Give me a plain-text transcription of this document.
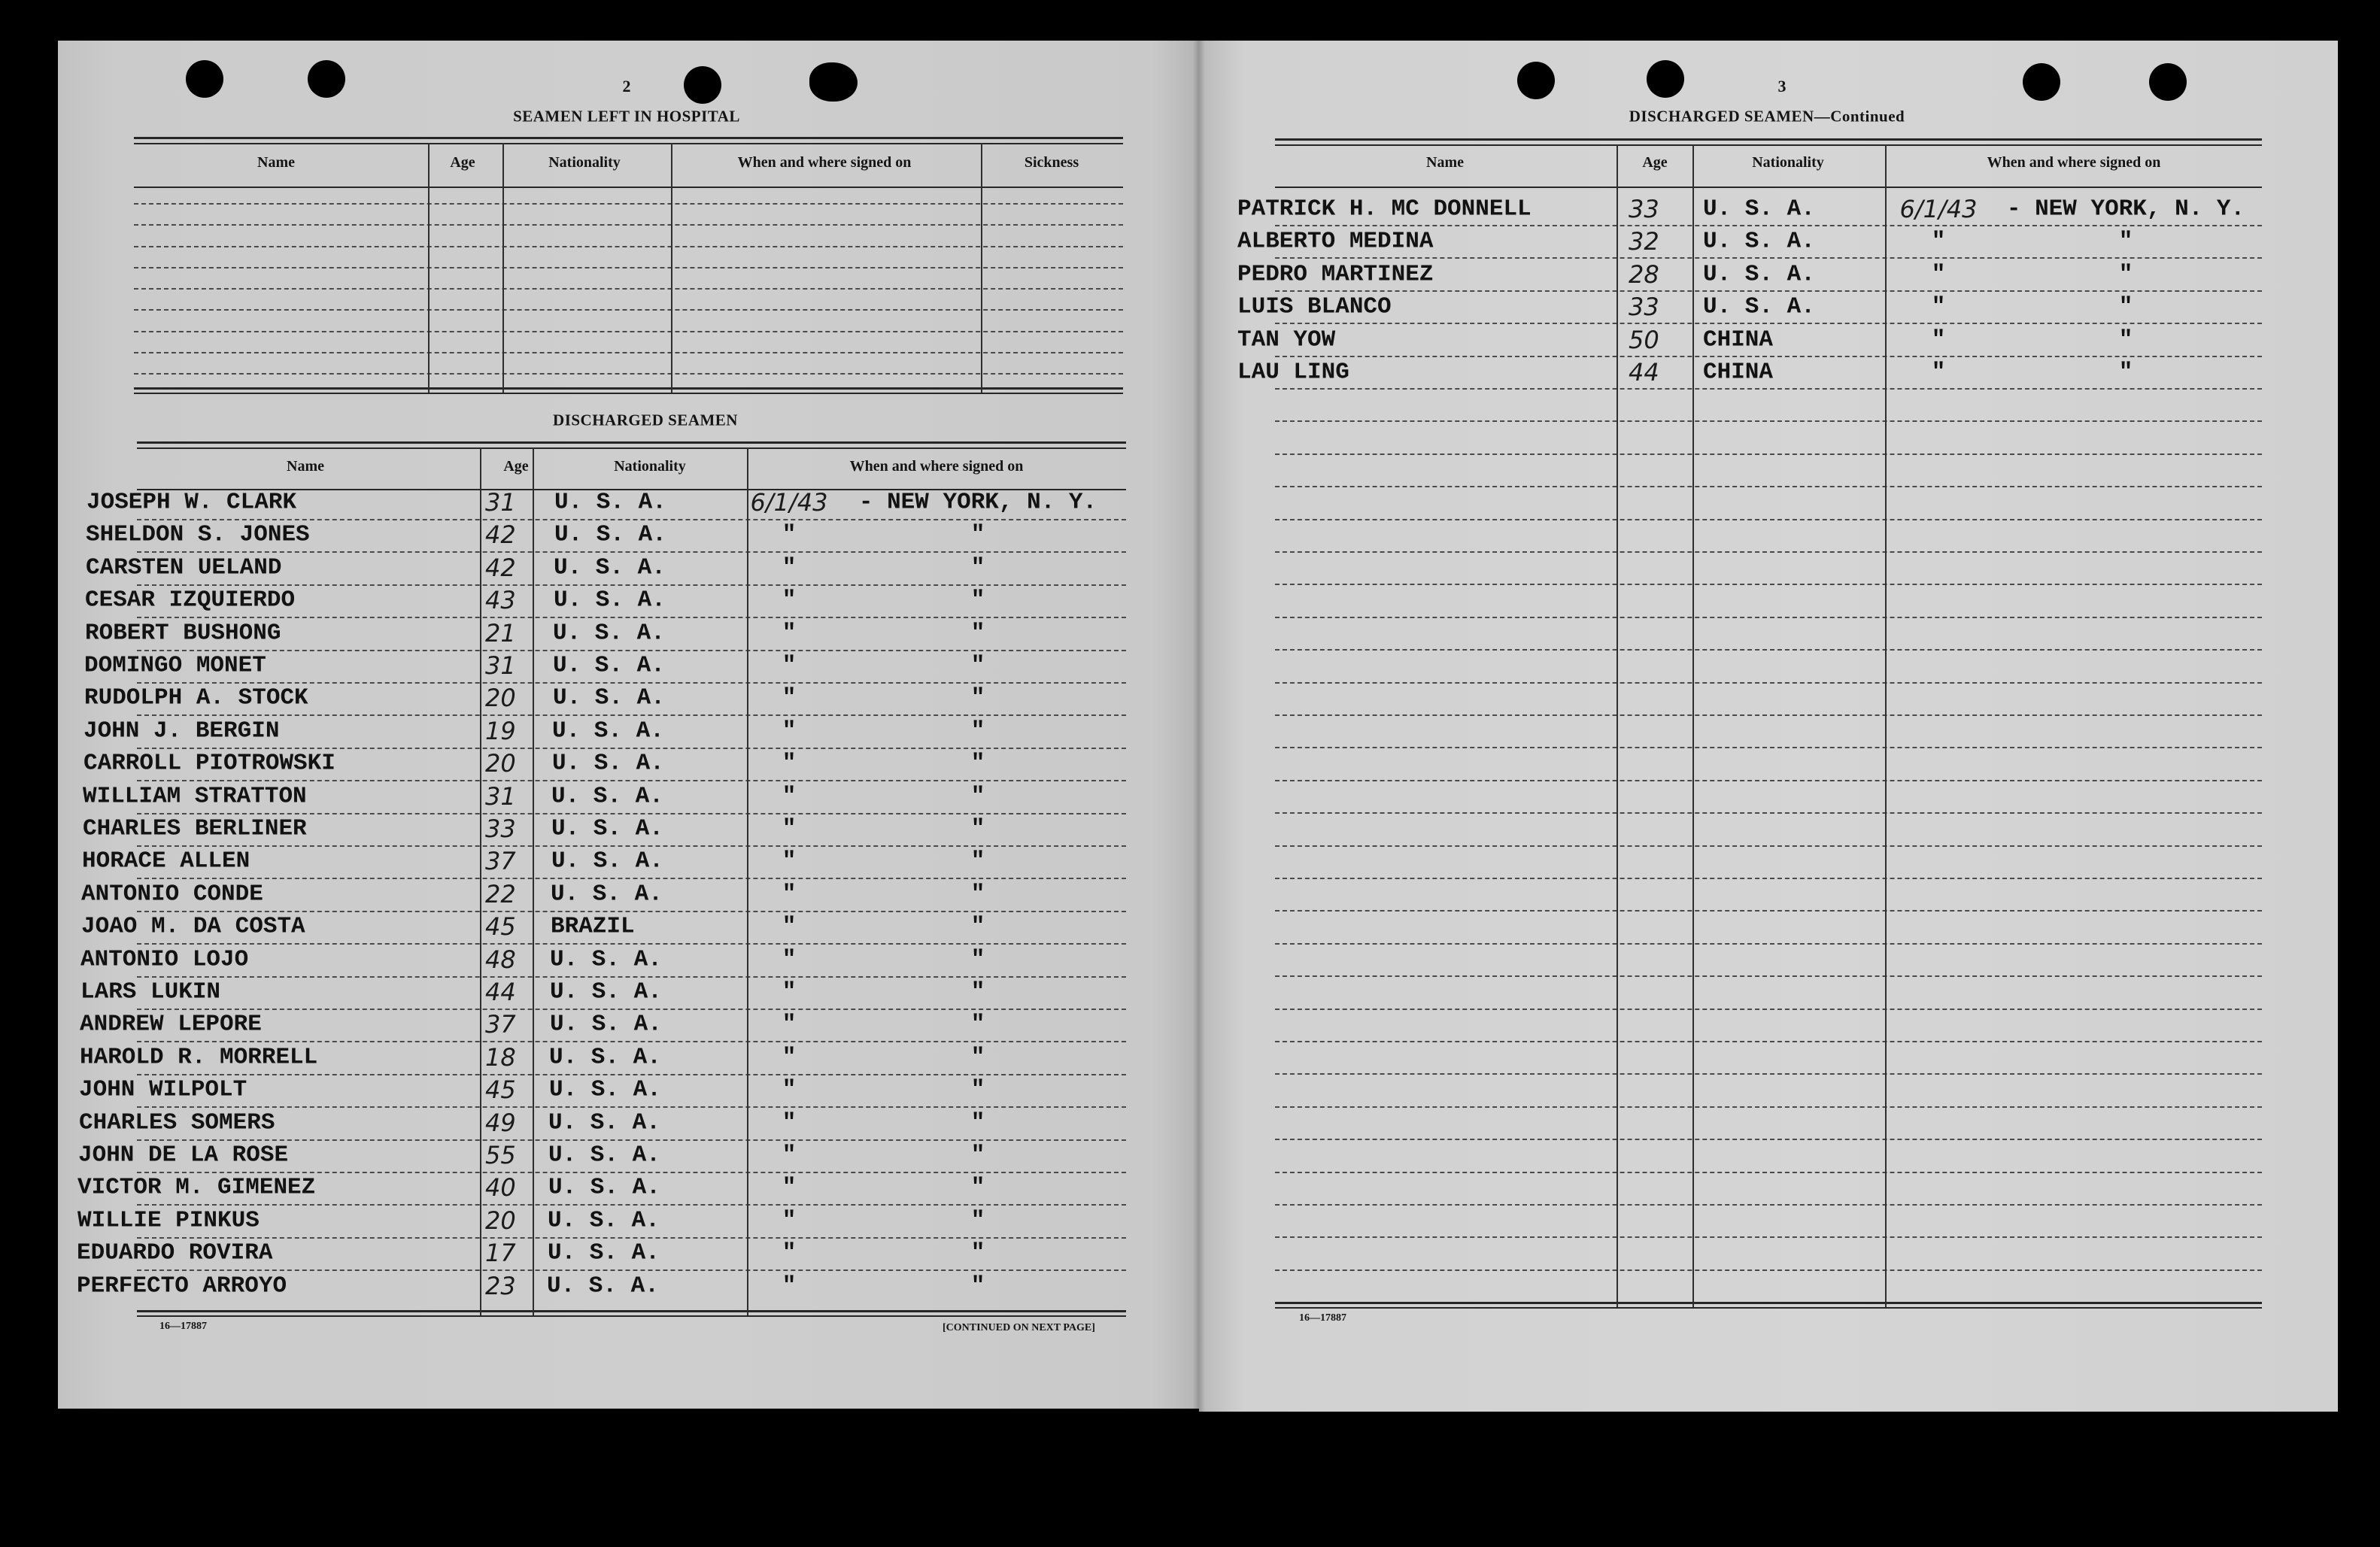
2
SEAMEN LEFT IN HOSPITAL
DISCHARGED SEAMEN
3
DISCHARGED SEAMEN—Continued
16—17887	[CONTINUED ON NEXT PAGE]
16—17887
Name	Age	Nationality	When and where signed on	Sickness
Name	Age	Nationality	When and where signed on
JOSEPH W. CLARK	31 U. S. A.	6/1/43 - NEW YORK, N. Y.
SHELDON S. JONES	42 U. S. A.	"	"
CARSTEN UELAND	42 U. S. A.	"	"
CESAR IZQUIERDO	43 U. S. A.	"	"
ROBERT BUSHONG	21 U. S. A.	"	"
DOMINGO MONET	31 U. S. A.	"	"
RUDOLPH A. STOCK	20 U. S. A.	"	"
JOHN J. BERGIN	19 U. S. A.	"	"
CARROLL PIOTROWSKI	20 U. S. A.	"	"
WILLIAM STRATTON	31 U. S. A.	"	"
CHARLES BERLINER	33 U. S. A.	"	"
HORACE ALLEN	37 U. S. A.	"	"
ANTONIO CONDE	22 U. S. A.	"	"
JOAO M. DA COSTA	45 BRAZIL	"	"
ANTONIO LOJO	48 U. S. A.	"	"
LARS LUKIN	44 U. S. A.	"	"
ANDREW LEPORE	37 U. S. A.	"	"
HAROLD R. MORRELL	18 U. S. A.	"	"
JOHN WILPOLT	45 U. S. A.	"	"
CHARLES SOMERS	49 U. S. A.	"	"
JOHN DE LA ROSE	55 U. S. A.	"	"
VICTOR M. GIMENEZ	40 U. S. A.	"	"
WILLIE PINKUS	20 U. S. A.	"	"
EDUARDO ROVIRA	17 U. S. A.	"	"
PERFECTO ARROYO	23 U. S. A.	"	"
Name	Age	Nationality	When and where signed on
PATRICK H. MC DONNELL	33 U. S. A.	6/1/43 - NEW YORK, N. Y.
ALBERTO MEDINA	32 U. S. A.	"	"
PEDRO MARTINEZ	28 U. S. A.	"	"
LUIS BLANCO	33 U. S. A.	"	"
TAN YOW	50 CHINA	"	"
LAU LING	44 CHINA	"	"
